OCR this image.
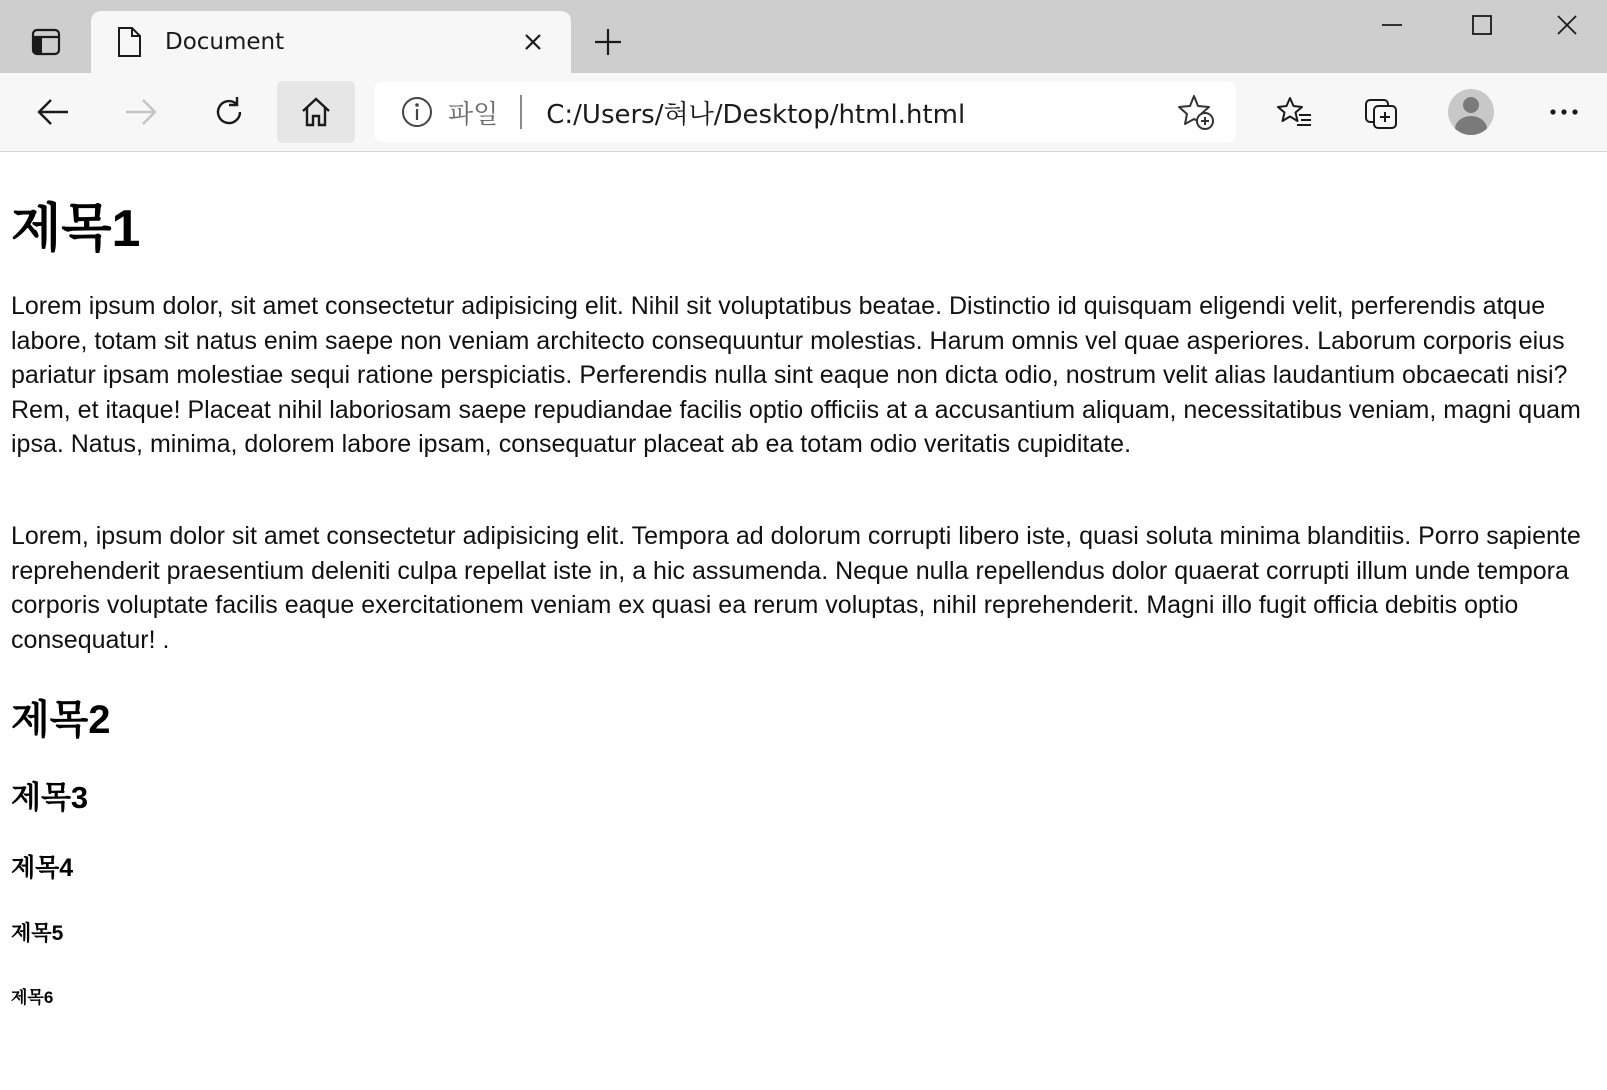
Document
파일 C:/Users/혀나/Desktop/html.html
제목1

Lorem ipsum dolor, sit amet consectetur adipisicing elit. Nihil sit voluptatibus beatae. Distinctio id quisquam eligendi velit, perferendis atque labore, totam sit natus enim saepe non veniam architecto consequuntur molestias. Harum omnis vel quae asperiores. Laborum corporis eius pariatur ipsam molestiae sequi ratione perspiciatis. Perferendis nulla sint eaque non dicta odio, nostrum velit alias laudantium obcaecati nisi? Rem, et itaque! Placeat nihil laboriosam saepe repudiandae facilis optio officiis at a accusantium aliquam, necessitatibus veniam, magni quam ipsa. Natus, minima, dolorem labore ipsam, consequatur placeat ab ea totam odio veritatis cupiditate.

Lorem, ipsum dolor sit amet consectetur adipisicing elit. Tempora ad dolorum corrupti libero iste, quasi soluta minima blanditiis. Porro sapiente reprehenderit praesentium deleniti culpa repellat iste in, a hic assumenda. Neque nulla repellendus dolor quaerat corrupti illum unde tempora corporis voluptate facilis eaque exercitationem veniam ex quasi ea rerum voluptas, nihil reprehenderit. Magni illo fugit officia debitis optio consequatur! .

제목2
제목3
제목4
제목5
제목6
